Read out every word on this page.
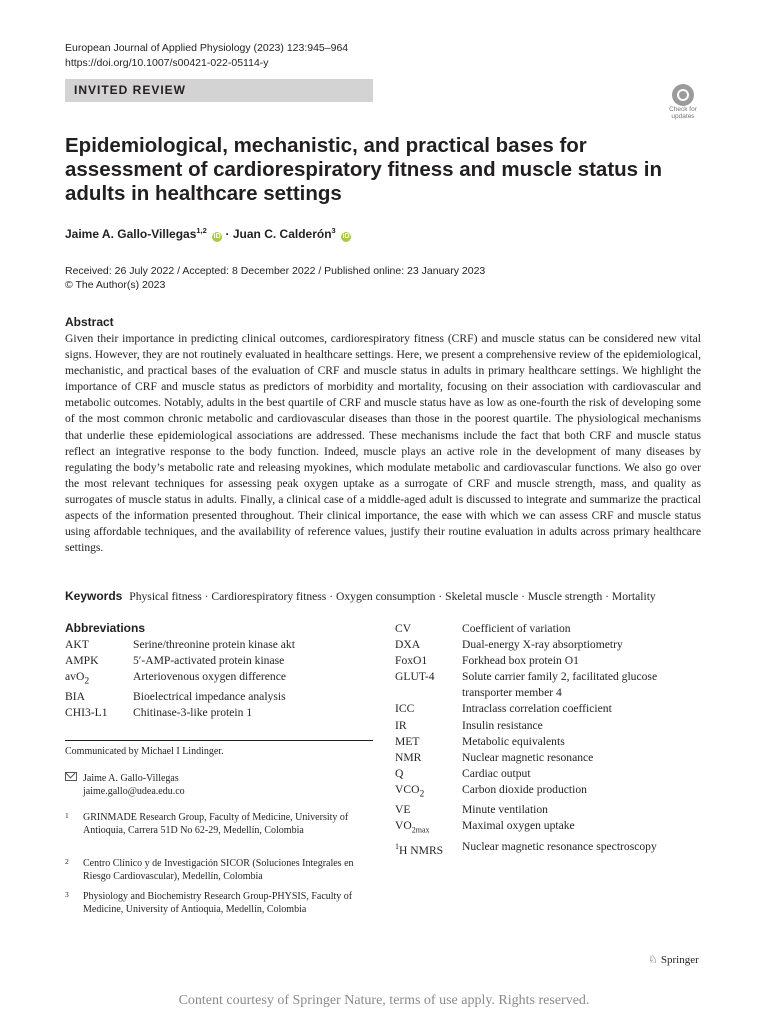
European Journal of Applied Physiology (2023) 123:945–964
https://doi.org/10.1007/s00421-022-05114-y
INVITED REVIEW
Check for updates
Epidemiological, mechanistic, and practical bases for assessment of cardiorespiratory fitness and muscle status in adults in healthcare settings
Jaime A. Gallo-Villegas$^{1,2}$ iD · Juan C. Calderón$^3$ iD
Received: 26 July 2022 / Accepted: 8 December 2022 / Published online: 23 January 2023
© The Author(s) 2023
Abstract
Given their importance in predicting clinical outcomes, cardiorespiratory fitness (CRF) and muscle status can be considered new vital signs. However, they are not routinely evaluated in healthcare settings. Here, we present a comprehensive review of the epidemiological, mechanistic, and practical bases of the evaluation of CRF and muscle status in adults in primary healthcare settings. We highlight the importance of CRF and muscle status as predictors of morbidity and mortality, focusing on their association with cardiovascular and metabolic outcomes. Notably, adults in the best quartile of CRF and muscle status have as low as one-fourth the risk of developing some of the most common chronic metabolic and cardiovascular diseases than those in the poorest quartile. The physiological mechanisms that underlie these epidemiological associations are addressed. These mechanisms include the fact that both CRF and muscle status reflect an integrative response to the body function. Indeed, muscle plays an active role in the development of many diseases by regulating the body’s metabolic rate and releasing myokines, which modulate metabolic and cardiovascular functions. We also go over the most relevant techniques for assessing peak oxygen uptake as a surrogate of CRF and muscle strength, mass, and quality as surrogates of muscle status in adults. Finally, a clinical case of a middle-aged adult is discussed to integrate and summarize the practical aspects of the information presented throughout. Their clinical importance, the ease with which we can assess CRF and muscle status using affordable techniques, and the availability of reference values, justify their routine evaluation in adults across primary healthcare settings.
Keywords Physical fitness · Cardiorespiratory fitness · Oxygen consumption · Skeletal muscle · Muscle strength · Mortality
Abbreviations
AKT	Serine/threonine protein kinase akt
AMPK	5′-AMP-activated protein kinase
avO$_2$	Arteriovenous oxygen difference
BIA	Bioelectrical impedance analysis
CHI3-L1	Chitinase-3-like protein 1
CV	Coefficient of variation
DXA	Dual-energy X-ray absorptiometry
FoxO1	Forkhead box protein O1
GLUT-4	Solute carrier family 2, facilitated glucose transporter member 4
ICC	Intraclass correlation coefficient
IR	Insulin resistance
MET	Metabolic equivalents
NMR	Nuclear magnetic resonance
Q	Cardiac output
$VCO_2$	Carbon dioxide production
VE	Minute ventilation
$VO_{2max}$	Maximal oxygen uptake
$^1$H NMRS	Nuclear magnetic resonance spectroscopy
Communicated by Michael I Lindinger.
Jaime A. Gallo-Villegas
jaime.gallo@udea.edu.co
1 GRINMADE Research Group, Faculty of Medicine, University of Antioquia, Carrera 51D No 62-29, Medellín, Colombia
2 Centro Clínico y de Investigación SICOR (Soluciones Integrales en Riesgo Cardiovascular), Medellín, Colombia
3 Physiology and Biochemistry Research Group-PHYSIS, Faculty of Medicine, University of Antioquia, Medellín, Colombia
♘ Springer
Content courtesy of Springer Nature, terms of use apply. Rights reserved.
